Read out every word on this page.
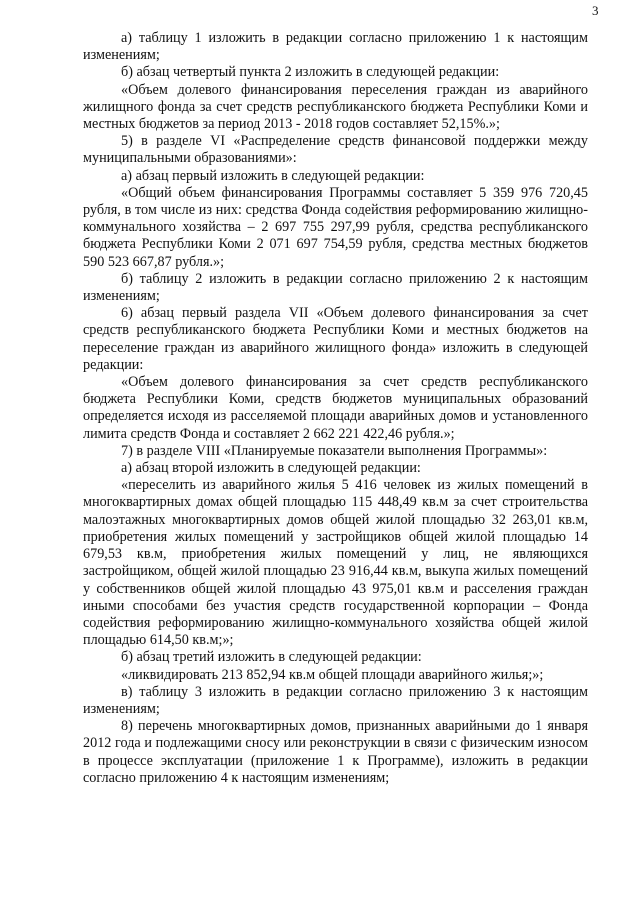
3

а) таблицу 1 изложить в редакции согласно приложению 1 к настоящим изменениям;

б) абзац четвертый пункта 2 изложить в следующей редакции:

«Объем долевого финансирования переселения граждан из аварийного жилищного фонда за счет средств республиканского бюджета Республики Коми и местных бюджетов за период 2013 - 2018 годов составляет 52,15%.»;

5) в разделе VI «Распределение средств финансовой поддержки между муниципальными образованиями»:

а) абзац первый изложить в следующей редакции:

«Общий объем финансирования Программы составляет 5 359 976 720,45 рубля, в том числе из них: средства Фонда содействия реформированию жилищно-коммунального хозяйства – 2 697 755 297,99 рубля, средства республиканского бюджета Республики Коми 2 071 697 754,59 рубля, средства местных бюджетов 590 523 667,87 рубля.»;

б) таблицу 2 изложить в редакции согласно приложению 2 к настоящим изменениям;

6) абзац первый раздела VII «Объем долевого финансирования за счет средств республиканского бюджета Республики Коми и местных бюджетов на переселение граждан из аварийного жилищного фонда» изложить в следующей редакции:

«Объем долевого финансирования за счет средств республиканского бюджета Республики Коми, средств бюджетов муниципальных образований определяется исходя из расселяемой площади аварийных домов и установленного лимита средств Фонда и составляет 2 662 221 422,46 рубля.»;

7) в разделе VIII «Планируемые показатели выполнения Программы»:

а) абзац второй изложить в следующей редакции:

«переселить из аварийного жилья 5 416 человек из жилых помещений в многоквартирных домах общей площадью 115 448,49 кв.м за счет строительства малоэтажных многоквартирных домов общей жилой площадью 32 263,01 кв.м, приобретения жилых помещений у застройщиков общей жилой площадью 14 679,53 кв.м, приобретения жилых помещений у лиц, не являющихся застройщиком, общей жилой площадью 23 916,44 кв.м, выкупа жилых помещений у собственников общей жилой площадью 43 975,01 кв.м и расселения граждан иными способами без участия средств государственной корпорации – Фонда содействия реформированию жилищно-коммунального хозяйства общей жилой площадью 614,50 кв.м;»;

б) абзац третий изложить в следующей редакции:

«ликвидировать 213 852,94 кв.м общей площади аварийного жилья;»;

в) таблицу 3 изложить в редакции согласно приложению 3 к настоящим изменениям;

8) перечень многоквартирных домов, признанных аварийными до 1 января 2012 года и подлежащими сносу или реконструкции в связи с физическим износом в процессе эксплуатации (приложение 1 к Программе), изложить в редакции согласно приложению 4 к настоящим изменениям;
